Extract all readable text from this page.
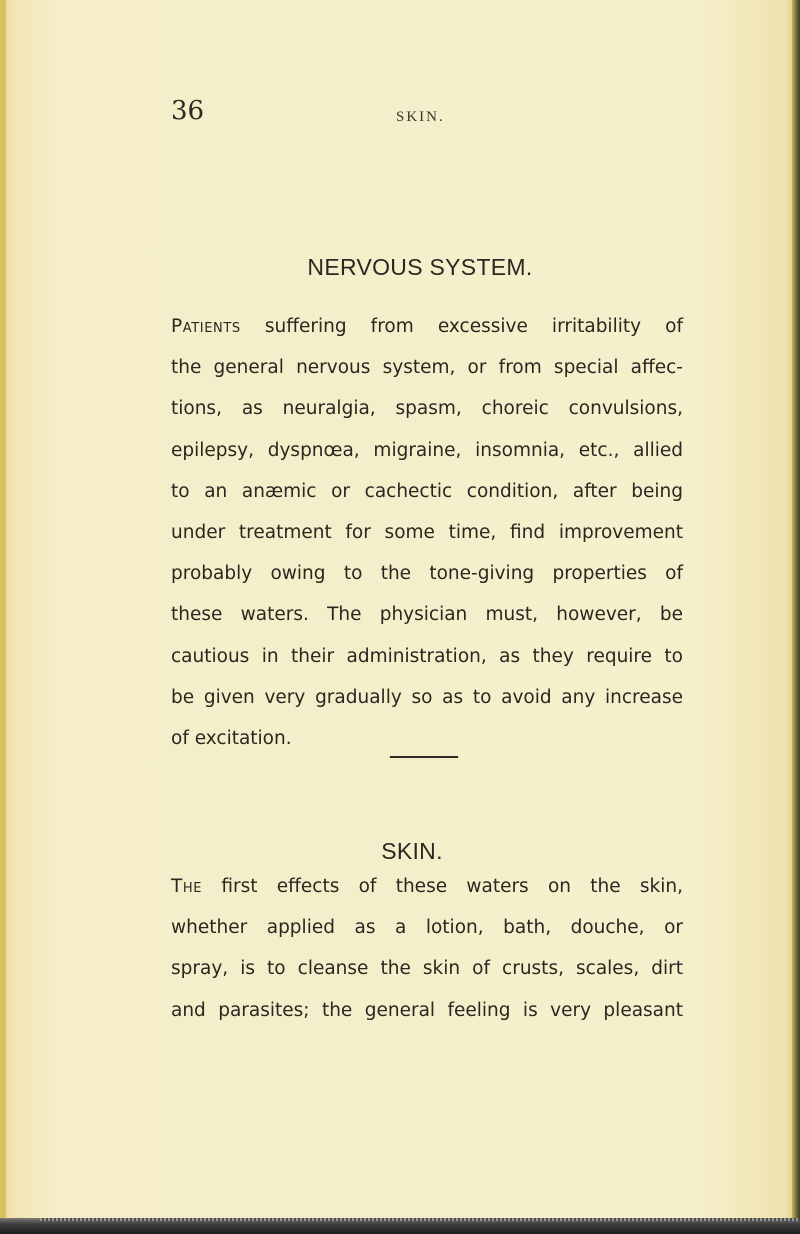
36	SKIN.
NERVOUS SYSTEM.
Patients suffering from excessive irritability of
the general nervous system, or from special affec-
tions, as neuralgia, spasm, choreic convulsions,
epilepsy, dyspnœa, migraine, insomnia, etc., allied
to an anæmic or cachectic condition, after being
under treatment for some time, find improvement
probably owing to the tone-giving properties of
these waters. The physician must, however, be
cautious in their administration, as they require to
be given very gradually so as to avoid any increase
of excitation.
SKIN.
The first effects of these waters on the skin,
whether applied as a lotion, bath, douche, or
spray, is to cleanse the skin of crusts, scales, dirt
and parasites; the general feeling is very pleasant
